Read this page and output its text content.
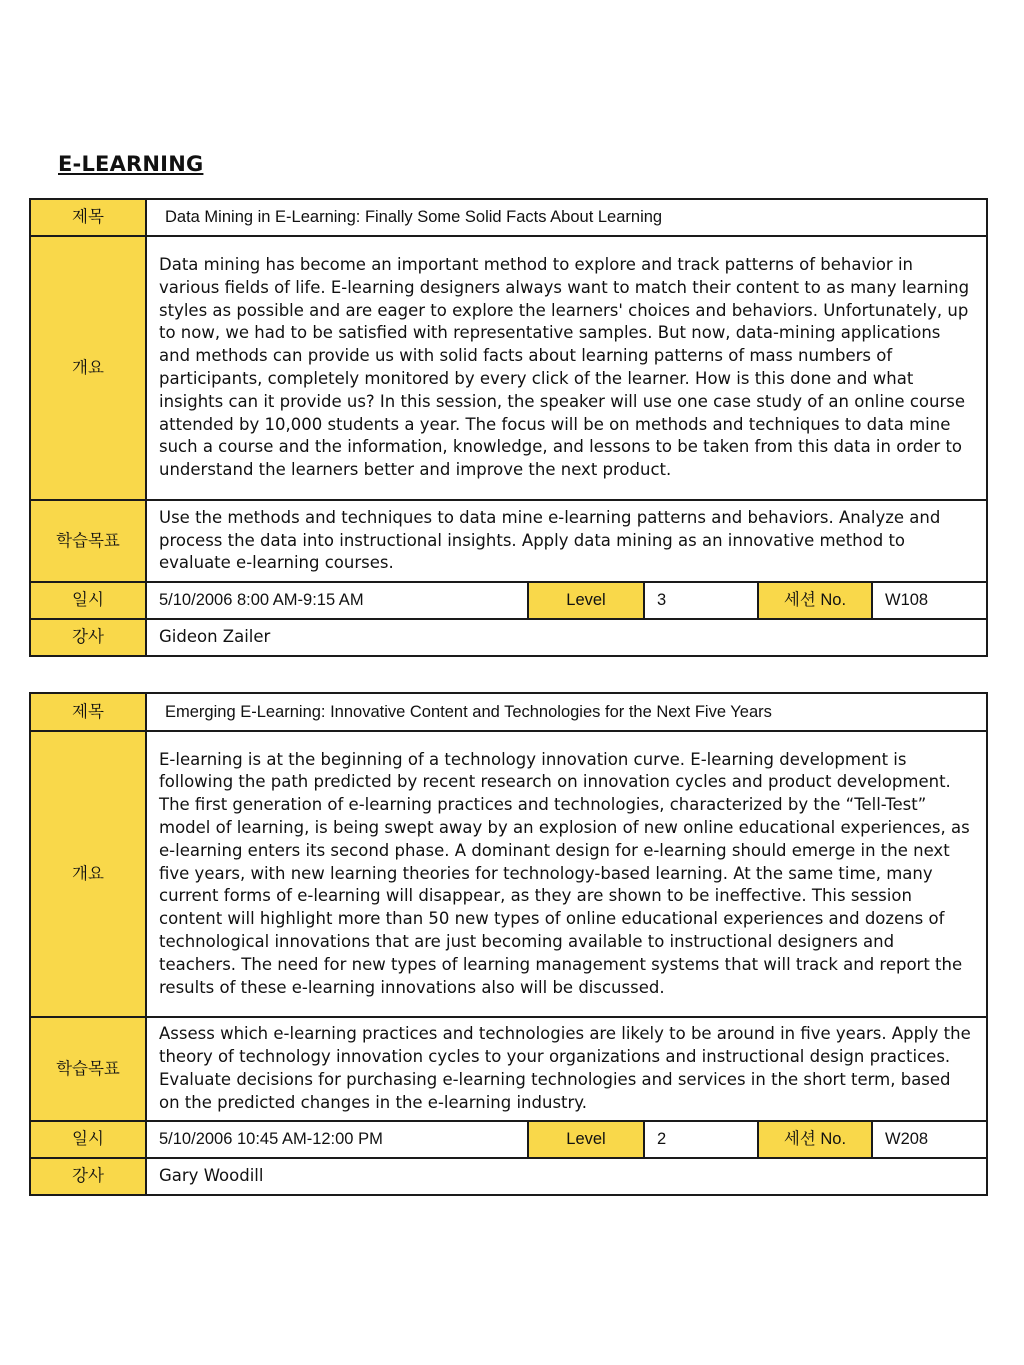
E-LEARNING
제목	Data Mining in E-Learning: Finally Some Solid Facts About Learning				
개요	Data mining has become an important method to explore and track patterns of behavior in various fields of life. E-learning designers always want to match their content to as many learning styles as possible and are eager to explore the learners' choices and behaviors. Unfortunately, up to now, we had to be satisfied with representative samples. But now, data-mining applications and methods can provide us with solid facts about learning patterns of mass numbers of participants, completely monitored by every click of the learner. How is this done and what insights can it provide us? In this session, the speaker will use one case study of an online course attended by 10,000 students a year. The focus will be on methods and techniques to data mine such a course and the information, knowledge, and lessons to be taken from this data in order to understand the learners better and improve the next product.				
학습목표	Use the methods and techniques to data mine e-learning patterns and behaviors. Analyze and process the data into instructional insights. Apply data mining as an innovative method to evaluate e-learning courses.				
일시	5/10/2006 8:00 AM-9:15 AM	Level	3	세션 No.	W108
강사	Gideon Zailer				
제목	Emerging E-Learning: Innovative Content and Technologies for the Next Five Years				
개요	E-learning is at the beginning of a technology innovation curve. E-learning development is following the path predicted by recent research on innovation cycles and product development. The first generation of e-learning practices and technologies, characterized by the “Tell-Test” model of learning, is being swept away by an explosion of new online educational experiences, as e-learning enters its second phase. A dominant design for e-learning should emerge in the next five years, with new learning theories for technology-based learning. At the same time, many current forms of e-learning will disappear, as they are shown to be ineffective. This session content will highlight more than 50 new types of online educational experiences and dozens of technological innovations that are just becoming available to instructional designers and teachers. The need for new types of learning management systems that will track and report the results of these e-learning innovations also will be discussed.				
학습목표	Assess which e-learning practices and technologies are likely to be around in five years. Apply the theory of technology innovation cycles to your organizations and instructional design practices. Evaluate decisions for purchasing e-learning technologies and services in the short term, based on the predicted changes in the e-learning industry.				
일시	5/10/2006 10:45 AM-12:00 PM	Level	2	세션 No.	W208
강사	Gary Woodill				
